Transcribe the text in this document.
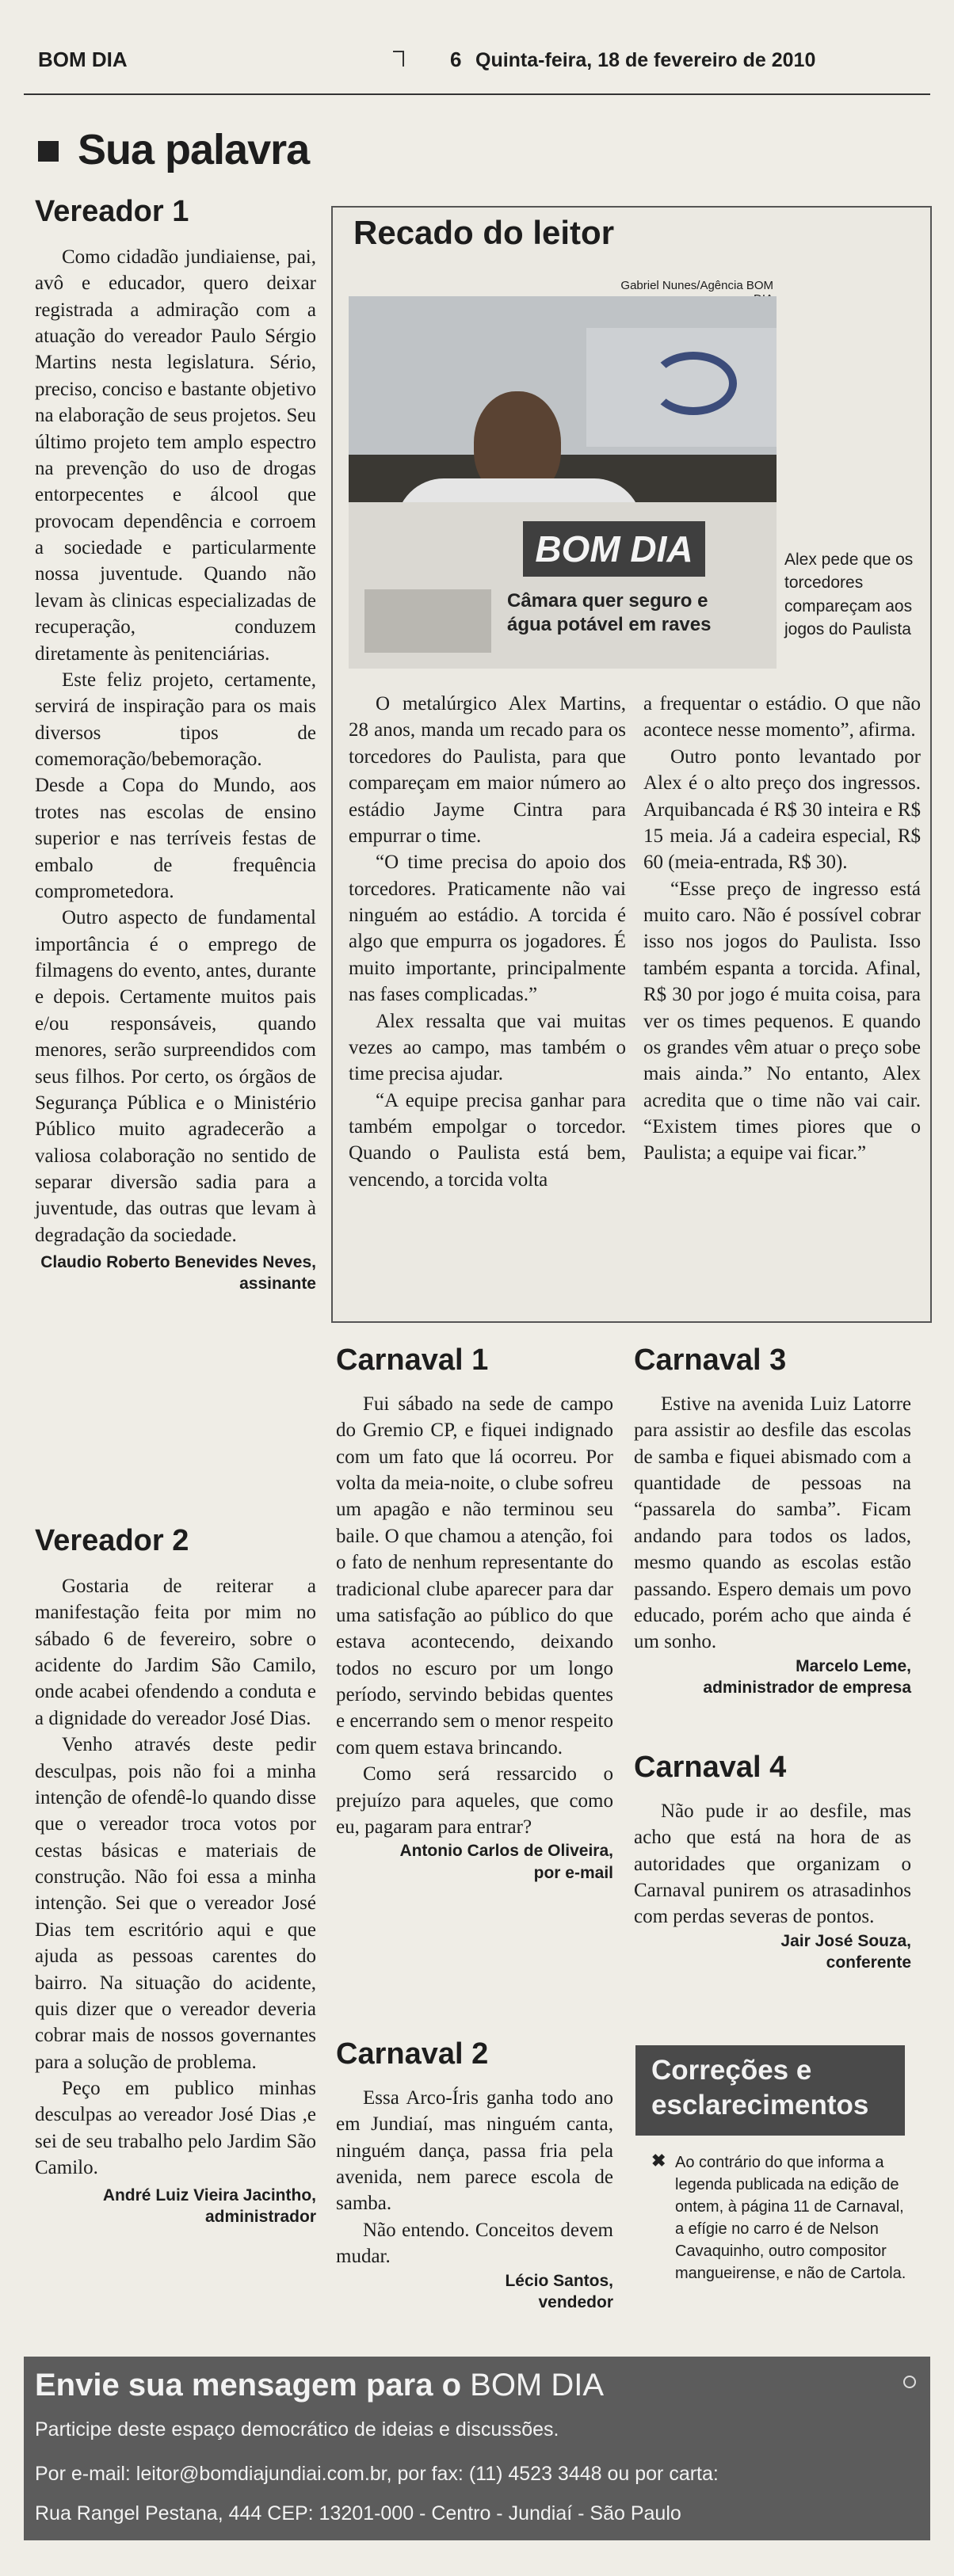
BOM DIA	6 Quinta-feira, 18 de fevereiro de 2010
Sua palavra
Vereador 1

Como cidadão jundiaiense, pai, avô e educador, quero deixar registrada a admiração com a atuação do vereador Paulo Sérgio Martins nesta legislatura. Sério, preciso, conciso e bastante objetivo na elaboração de seus projetos. Seu último projeto tem amplo espectro na prevenção do uso de drogas entorpecentes e álcool que provocam dependência e corroem a sociedade e particularmente nossa juventude. Quando não levam às clinicas especializadas de recuperação, conduzem diretamente às penitenciárias.

Este feliz projeto, certamente, servirá de inspiração para os mais diversos tipos de comemoração/bebemoração. Desde a Copa do Mundo, aos trotes nas escolas de ensino superior e nas terríveis festas de embalo de frequência comprometedora.

Outro aspecto de fundamental importância é o emprego de filmagens do evento, antes, durante e depois. Certamente muitos pais e/ou responsáveis, quando menores, serão surpreendidos com seus filhos. Por certo, os órgãos de Segurança Pública e o Ministério Público muito agradecerão a valiosa colaboração no sentido de separar diversão sadia para a juventude, das outras que levam à degradação da sociedade.

Claudio Roberto Benevides Neves,
assinante
Vereador 2

Gostaria de reiterar a manifestação feita por mim no sábado 6 de fevereiro, sobre o acidente do Jardim São Camilo, onde acabei ofendendo a conduta e a dignidade do vereador José Dias.

Venho através deste pedir desculpas, pois não foi a minha intenção de ofendê-lo quando disse que o vereador troca votos por cestas básicas e materiais de construção. Não foi essa a minha intenção. Sei que o vereador José Dias tem escritório aqui e que ajuda as pessoas carentes do bairro. Na situação do acidente, quis dizer que o vereador deveria cobrar mais de nossos governantes para a solução de problema.

Peço em publico minhas desculpas ao vereador José Dias ,e sei de seu trabalho pelo Jardim São Camilo.

André Luiz Vieira Jacintho,
administrador
Recado do leitor
Gabriel Nunes/Agência BOM
BOM DIA
Câmara quer seguro e água potável em raves
Alex pede que os torcedores compareçam aos jogos do Paulista

O metalúrgico Alex Martins, 28 anos, manda um recado para os torcedores do Paulista, para que compareçam em maior número ao estádio Jayme Cintra para empurrar o time.

“O time precisa do apoio dos torcedores. Praticamente não vai ninguém ao estádio. A torcida é algo que empurra os jogadores. É muito importante, principalmente nas fases complicadas.”

Alex ressalta que vai muitas vezes ao campo, mas também o time precisa ajudar.

“A equipe precisa ganhar para também empolgar o torcedor. Quando o Paulista está bem, vencendo, a torcida volta

a frequentar o estádio. O que não acontece nesse momento”, afirma.

Outro ponto levantado por Alex é o alto preço dos ingressos. Arquibancada é R$ 30 inteira e R$ 15 meia. Já a cadeira especial, R$ 60 (meia-entrada, R$ 30).

“Esse preço de ingresso está muito caro. Não é possível cobrar isso nos jogos do Paulista. Isso também espanta a torcida. Afinal, R$ 30 por jogo é muita coisa, para ver os times pequenos. E quando os grandes vêm atuar o preço sobe mais ainda.” No entanto, Alex acredita que o time não vai cair. “Existem times piores que o Paulista; a equipe vai ficar.”

Carnaval 1

Fui sábado na sede de campo do Gremio CP, e fiquei indignado com um fato que lá ocorreu. Por volta da meia-noite, o clube sofreu um apagão e não terminou seu baile. O que chamou a atenção, foi o fato de nenhum representante do tradicional clube aparecer para dar uma satisfação ao público do que estava acontecendo, deixando todos no escuro por um longo período, servindo bebidas quentes e encerrando sem o menor respeito com quem estava brincando.

Como será ressarcido o prejuízo para aqueles, que como eu, pagaram para entrar?

Antonio Carlos de Oliveira,
por e-mail
Carnaval 2

Essa Arco-Íris ganha todo ano em Jundiaí, mas ninguém canta, ninguém dança, passa fria pela avenida, nem parece escola de samba.

Não entendo. Conceitos devem mudar.

Lécio Santos,
vendedor
Carnaval 3

Estive na avenida Luiz Latorre para assistir ao desfile das escolas de samba e fiquei abismado com a quantidade de pessoas na “passarela do samba”. Ficam andando para todos os lados, mesmo quando as escolas estão passando. Espero demais um povo educado, porém acho que ainda é um sonho.

Marcelo Leme,
administrador de empresa
Carnaval 4

Não pude ir ao desfile, mas acho que está na hora de as autoridades que organizam o Carnaval punirem os atrasadinhos com perdas severas de pontos.

Jair José Souza,
conferente
Correções e
esclarecimentos
✖ Ao contrário do que informa a legenda publicada na edição de ontem, à página 11 de Carnaval, a efígie no carro é de Nelson Cavaquinho, outro compositor mangueirense, e não de Cartola.
Envie sua mensagem para o BOM DIA
Participe deste espaço democrático de ideias e discussões.
Por e-mail: leitor@bomdiajundiai.com.br, por fax: (11) 4523 3448 ou por carta:
Rua Rangel Pestana, 444 CEP: 13201-000 - Centro - Jundiaí - São Paulo
